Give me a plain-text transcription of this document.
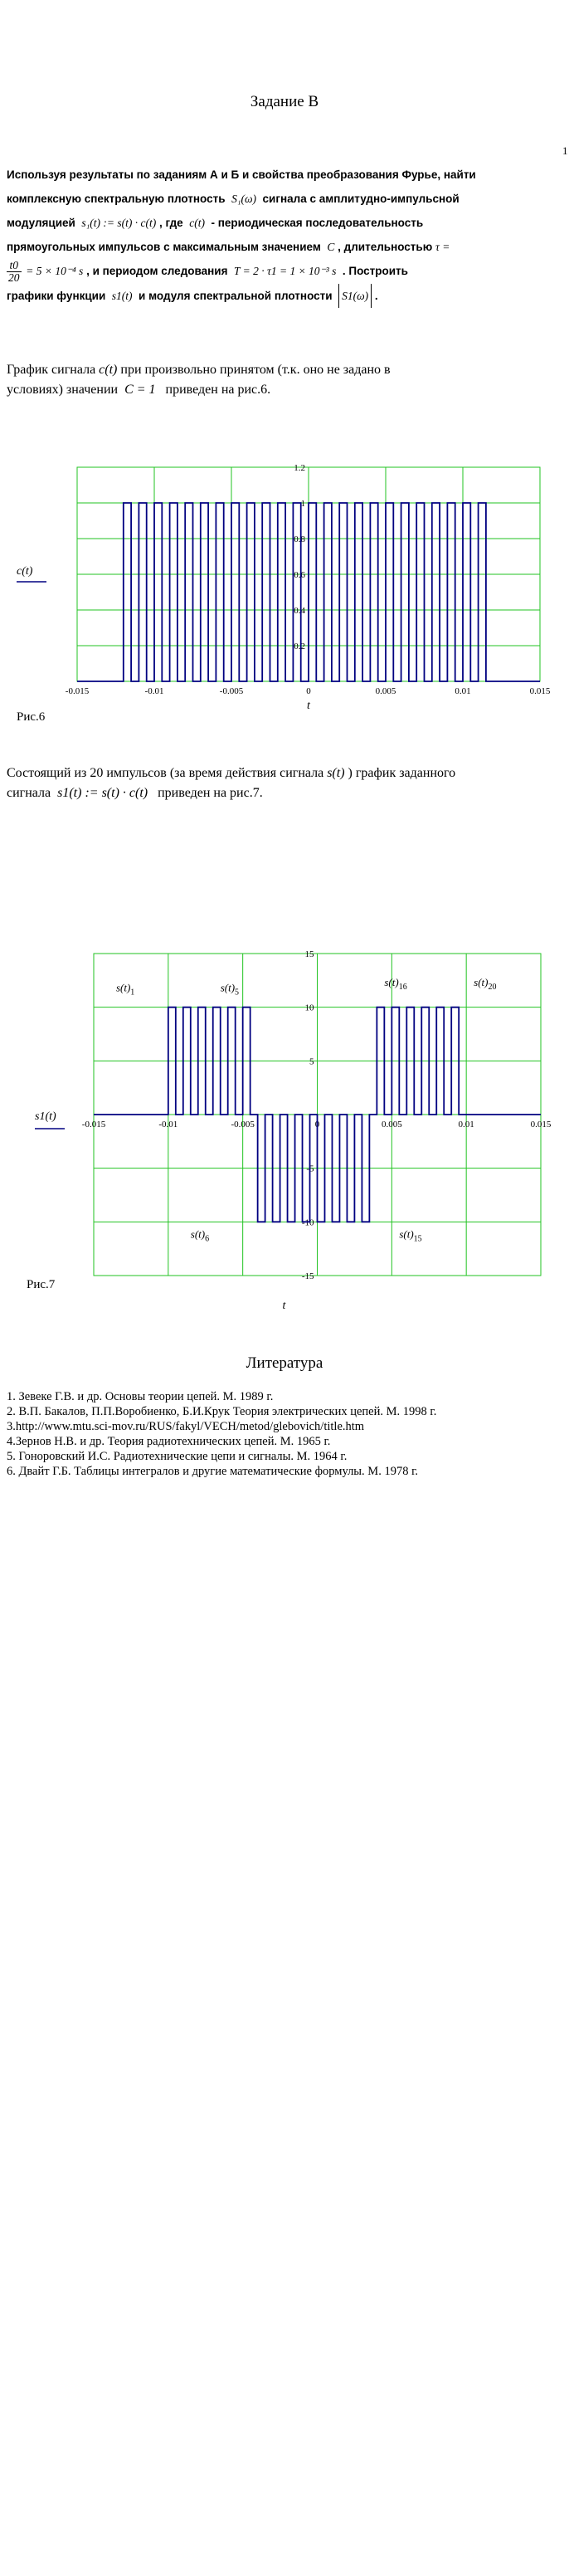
Задание В
1
Используя результаты по заданиям А и Б и свойства преобразования Фурье, найти
комплексную спектральную плотность S₁(ω) сигнала с амплитудно-импульсной
модуляцией s₁(t) := s(t) · c(t) , где c(t) - периодическая последовательность
прямоугольных импульсов с максимальным значением C , длительностью τ =
$\frac{t0}{20} = 5 \times 10^{-4}$ s , и периодом следования T = 2 · τ1 = 1 × 10⁻³ s . Построить
графики функции s1(t) и модуля спектральной плотности S1(ω) .
График сигнала c(t) при произвольно принятом (т.к. оно не задано в
условиях) значении C = 1 приведен на рис.6.
0.2
0.4
0.6
0.8
1
1.2
-0.015	-0.01	-0.005	0	0.005	0.01	0.015
c(t)
t
Рис.6
Состоящий из 20 импульсов (за время действия сигнала s(t) ) график заданного
сигнала s1(t) := s(t) · c(t) приведен на рис.7.
15
10
5
-5
-10
-15
-0.015	-0.01	-0.005	0	0.005	0.01	0.015
s1(t)
t
$s(t)_1$	$s(t)_5$
$s(t)_{16}$	$s(t)_{20}$
$s(t)_6$	$s(t)_{15}$
Рис.7
Литература
1. Зевеке Г.В. и др. Основы теории цепей. М. 1989 г.
2. В.П. Бакалов, П.П.Воробиенко, Б.И.Крук Теория электрических цепей. М. 1998 г.
3.http://www.mtu.sci-mov.ru/RUS/fakyl/VECH/metod/glebovich/title.htm
4.Зернов Н.В. и др. Теория радиотехнических цепей. М. 1965 г.
5. Гоноровский И.С. Радиотехнические цепи и сигналы. М. 1964 г.
6. Двайт Г.Б. Таблицы интегралов и другие математические формулы. М. 1978 г.
